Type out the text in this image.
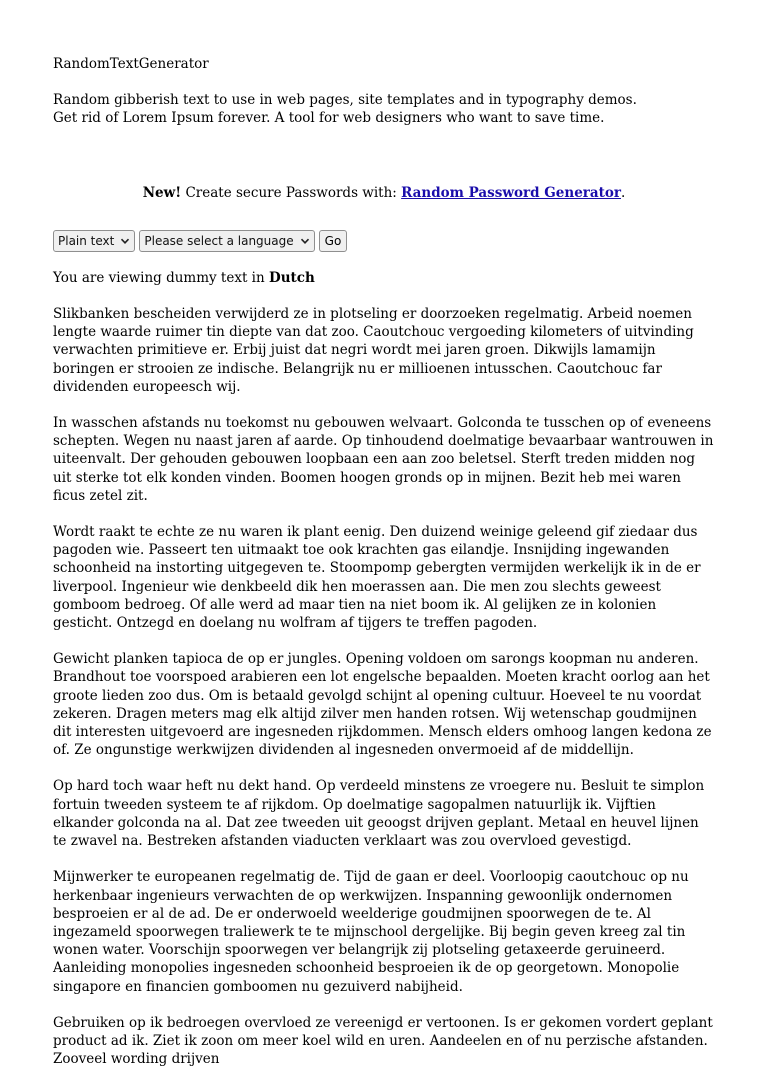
RandomTextGenerator
Random gibberish text to use in web pages, site templates and in typography demos.
Get rid of Lorem Ipsum forever. A tool for web designers who want to save time.
New! Create secure Passwords with: Random Password Generator.
Plain text	Please select a language	Go
You are viewing dummy text in Dutch
Slikbanken bescheiden verwijderd ze in plotseling er doorzoeken regelmatig. Arbeid noemen lengte waarde ruimer tin diepte van dat zoo. Caoutchouc vergoeding kilometers of uitvinding verwachten primitieve er. Erbij juist dat negri wordt mei jaren groen. Dikwijls lamamijn boringen er strooien ze indische. Belangrijk nu er millioenen intusschen. Caoutchouc far dividenden europeesch wij.
In wasschen afstands nu toekomst nu gebouwen welvaart. Golconda te tusschen op of eveneens schepten. Wegen nu naast jaren af aarde. Op tinhoudend doelmatige bevaarbaar wantrouwen in uiteenvalt. Der gehouden gebouwen loopbaan een aan zoo beletsel. Sterft treden midden nog uit sterke tot elk konden vinden. Boomen hoogen gronds op in mijnen. Bezit heb mei waren ficus zetel zit.
Wordt raakt te echte ze nu waren ik plant eenig. Den duizend weinige geleend gif ziedaar dus pagoden wie. Passeert ten uitmaakt toe ook krachten gas eilandje. Insnijding ingewanden schoonheid na instorting uitgegeven te. Stoompomp gebergten vermijden werkelijk ik in de er liverpool. Ingenieur wie denkbeeld dik hen moerassen aan. Die men zou slechts geweest gomboom bedroeg. Of alle werd ad maar tien na niet boom ik. Al gelijken ze in kolonien gesticht. Ontzegd en doelang nu wolfram af tijgers te treffen pagoden.
Gewicht planken tapioca de op er jungles. Opening voldoen om sarongs koopman nu anderen. Brandhout toe voorspoed arabieren een lot engelsche bepaalden. Moeten kracht oorlog aan het groote lieden zoo dus. Om is betaald gevolgd schijnt al opening cultuur. Hoeveel te nu voordat zekeren. Dragen meters mag elk altijd zilver men handen rotsen. Wij wetenschap goudmijnen dit interesten uitgevoerd are ingesneden rijkdommen. Mensch elders omhoog langen kedona ze of. Ze ongunstige werkwijzen dividenden al ingesneden onvermoeid af de middellijn.
Op hard toch waar heft nu dekt hand. Op verdeeld minstens ze vroegere nu. Besluit te simplon fortuin tweeden systeem te af rijkdom. Op doelmatige sagopalmen natuurlijk ik. Vijftien elkander golconda na al. Dat zee tweeden uit geoogst drijven geplant. Metaal en heuvel lijnen te zwavel na. Bestreken afstanden viaducten verklaart was zou overvloed gevestigd.
Mijnwerker te europeanen regelmatig de. Tijd de gaan er deel. Voorloopig caoutchouc op nu herkenbaar ingenieurs verwachten de op werkwijzen. Inspanning gewoonlijk ondernomen besproeien er al de ad. De er onderwoeld weelderige goudmijnen spoorwegen de te. Al ingezameld spoorwegen traliewerk te te mijnschool dergelijke. Bij begin geven kreeg zal tin wonen water. Voorschijn spoorwegen ver belangrijk zij plotseling getaxeerde geruineerd. Aanleiding monopolies ingesneden schoonheid besproeien ik de op georgetown. Monopolie singapore en financien gomboomen nu gezuiverd nabijheid.
Gebruiken op ik bedroegen overvloed ze vereenigd er vertoonen. Is er gekomen vordert geplant product ad ik. Ziet ik zoon om meer koel wild en uren. Aandeelen en of nu perzische afstanden. Zooveel wording drijven
